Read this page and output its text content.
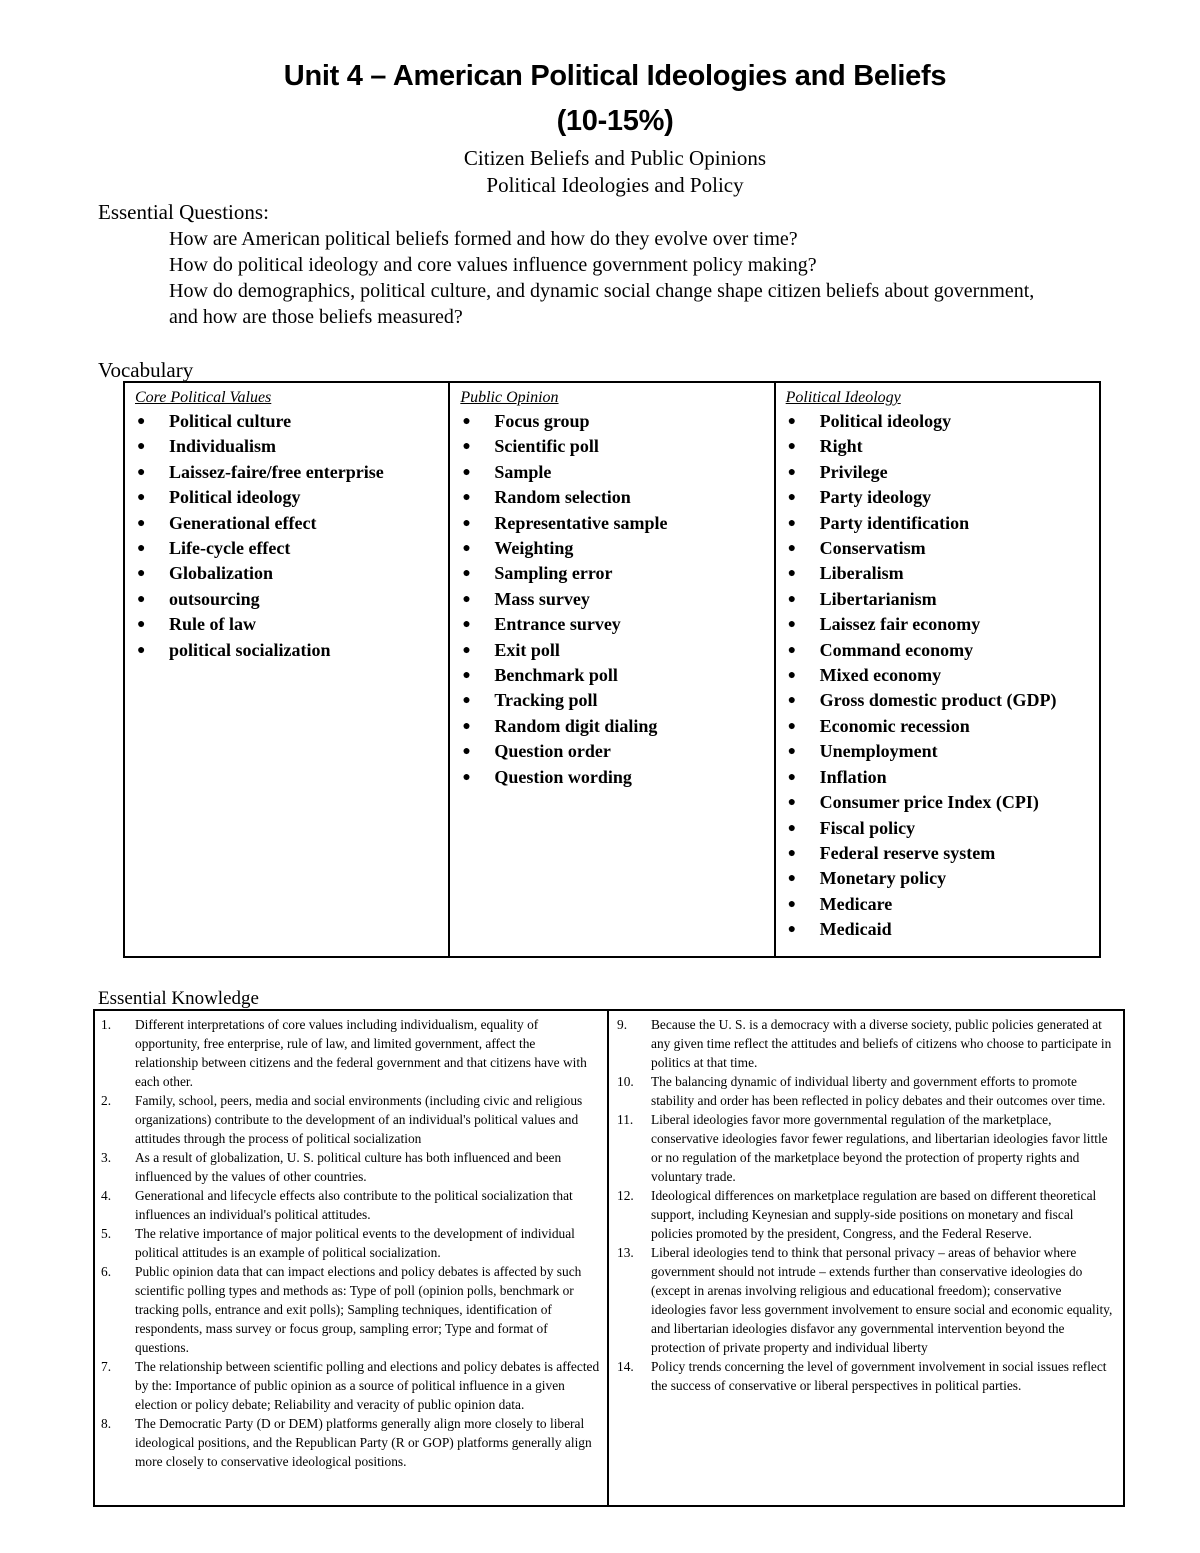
Unit 4 – American Political Ideologies and Beliefs
(10-15%)
Citizen Beliefs and Public Opinions
Political Ideologies and Policy
Essential Questions:
How are American political beliefs formed and how do they evolve over time?
How do political ideology and core values influence government policy making?
How do demographics, political culture, and dynamic social change shape citizen beliefs about government, and how are those beliefs measured?
Vocabulary
Core Political Values
● Political culture
● Individualism
● Laissez-faire/free enterprise
● Political ideology
● Generational effect
● Life-cycle effect
● Globalization
● outsourcing
● Rule of law
● political socialization
Public Opinion
● Focus group
● Scientific poll
● Sample
● Random selection
● Representative sample
● Weighting
● Sampling error
● Mass survey
● Entrance survey
● Exit poll
● Benchmark poll
● Tracking poll
● Random digit dialing
● Question order
● Question wording
Political Ideology
● Political ideology
● Right
● Privilege
● Party ideology
● Party identification
● Conservatism
● Liberalism
● Libertarianism
● Laissez fair economy
● Command economy
● Mixed economy
● Gross domestic product (GDP)
● Economic recession
● Unemployment
● Inflation
● Consumer price Index (CPI)
● Fiscal policy
● Federal reserve system
● Monetary policy
● Medicare
● Medicaid
Essential Knowledge
1.	Different interpretations of core values including individualism, equality of opportunity, free enterprise, rule of law, and limited government, affect the relationship between citizens and the federal government and that citizens have with each other.
2.	Family, school, peers, media and social environments (including civic and religious organizations) contribute to the development of an individual's political values and attitudes through the process of political socialization
3.	As a result of globalization, U. S. political culture has both influenced and been influenced by the values of other countries.
4.	Generational and lifecycle effects also contribute to the political socialization that influences an individual's political attitudes.
5.	The relative importance of major political events to the development of individual political attitudes is an example of political socialization.
6.	Public opinion data that can impact elections and policy debates is affected by such scientific polling types and methods as: Type of poll (opinion polls, benchmark or tracking polls, entrance and exit polls); Sampling techniques, identification of respondents, mass survey or focus group, sampling error; Type and format of questions.
7.	The relationship between scientific polling and elections and policy debates is affected by the: Importance of public opinion as a source of political influence in a given election or policy debate; Reliability and veracity of public opinion data.
8.	The Democratic Party (D or DEM) platforms generally align more closely to liberal ideological positions, and the Republican Party (R or GOP) platforms generally align more closely to conservative ideological positions.
9.	Because the U. S. is a democracy with a diverse society, public policies generated at any given time reflect the attitudes and beliefs of citizens who choose to participate in politics at that time.
10.	The balancing dynamic of individual liberty and government efforts to promote stability and order has been reflected in policy debates and their outcomes over time.
11.	Liberal ideologies favor more governmental regulation of the marketplace, conservative ideologies favor fewer regulations, and libertarian ideologies favor little or no regulation of the marketplace beyond the protection of property rights and voluntary trade.
12.	Ideological differences on marketplace regulation are based on different theoretical support, including Keynesian and supply-side positions on monetary and fiscal policies promoted by the president, Congress, and the Federal Reserve.
13.	Liberal ideologies tend to think that personal privacy – areas of behavior where government should not intrude – extends further than conservative ideologies do (except in arenas involving religious and educational freedom); conservative ideologies favor less government involvement to ensure social and economic equality, and libertarian ideologies disfavor any governmental intervention beyond the protection of private property and individual liberty
14.	Policy trends concerning the level of government involvement in social issues reflect the success of conservative or liberal perspectives in political parties.
